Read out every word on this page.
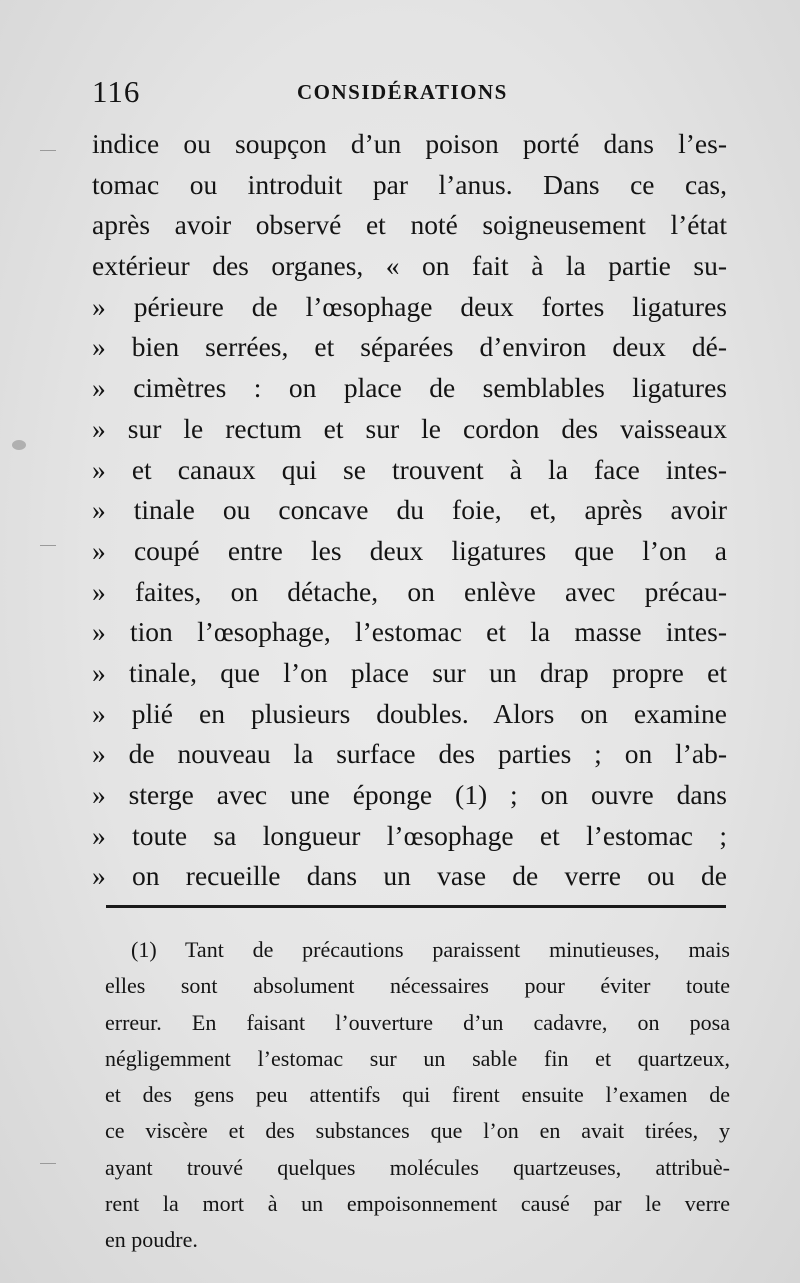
116	CONSIDÉRATIONS
indice ou soupçon d’un poison porté dans l’es-
tomac ou introduit par l’anus. Dans ce cas,
après avoir observé et noté soigneusement l’état
extérieur des organes, « on fait à la partie su-
» périeure de l’œsophage deux fortes ligatures
» bien serrées, et séparées d’environ deux dé-
» cimètres : on place de semblables ligatures
» sur le rectum et sur le cordon des vaisseaux
» et canaux qui se trouvent à la face intes-
» tinale ou concave du foie, et, après avoir
» coupé entre les deux ligatures que l’on a
» faites, on détache, on enlève avec précau-
» tion l’œsophage, l’estomac et la masse intes-
» tinale, que l’on place sur un drap propre et
» plié en plusieurs doubles. Alors on examine
» de nouveau la surface des parties ; on l’ab-
» sterge avec une éponge (1) ; on ouvre dans
» toute sa longueur l’œsophage et l’estomac ;
» on recueille dans un vase de verre ou de
(1) Tant de précautions paraissent minutieuses, mais
elles sont absolument nécessaires pour éviter toute
erreur. En faisant l’ouverture d’un cadavre, on posa
négligemment l’estomac sur un sable fin et quartzeux,
et des gens peu attentifs qui firent ensuite l’examen de
ce viscère et des substances que l’on en avait tirées, y
ayant trouvé quelques molécules quartzeuses, attribuè-
rent la mort à un empoisonnement causé par le verre
en poudre.
